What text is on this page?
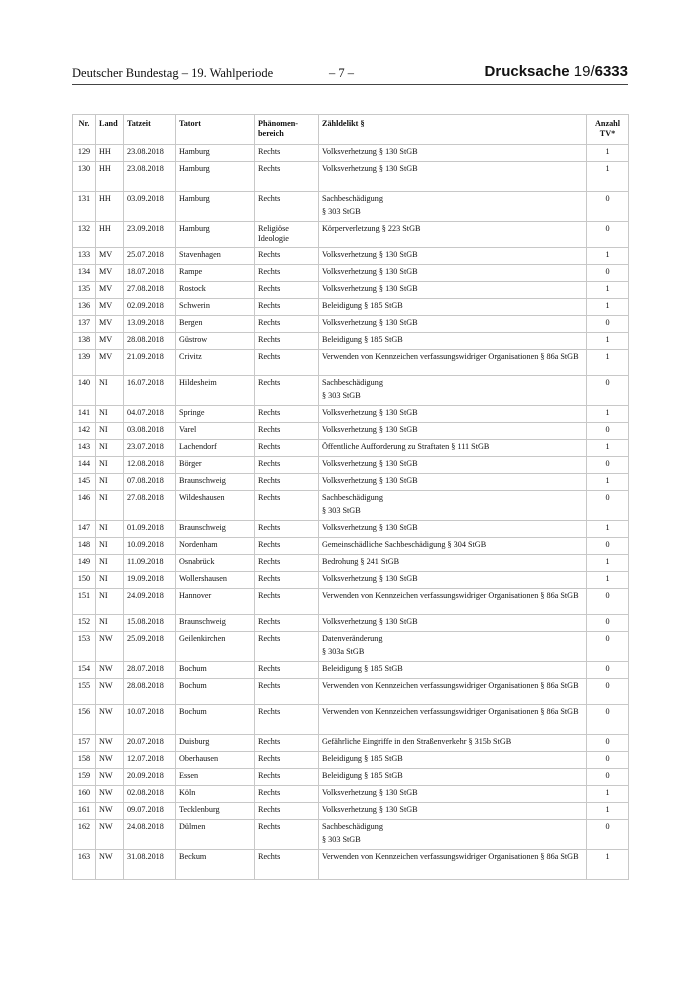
Deutscher Bundestag – 19. Wahlperiode	– 7 –	Drucksache 19/6333
Nr.	Land	Tatzeit	Tatort	Phänomen-bereich	Zähldelikt §	Anzahl TV*
129	HH	23.08.2018	Hamburg	Rechts	Volksverhetzung § 130 StGB	1
130	HH	23.08.2018	Hamburg	Rechts	Volksverhetzung § 130 StGB	1
131	HH	03.09.2018	Hamburg	Rechts	Sachbeschädigung
§ 303 StGB	0
132	HH	23.09.2018	Hamburg	Religiöse Ideologie	Körperverletzung § 223 StGB	0
133	MV	25.07.2018	Stavenhagen	Rechts	Volksverhetzung § 130 StGB	1
134	MV	18.07.2018	Rampe	Rechts	Volksverhetzung § 130 StGB	0
135	MV	27.08.2018	Rostock	Rechts	Volksverhetzung § 130 StGB	1
136	MV	02.09.2018	Schwerin	Rechts	Beleidigung § 185 StGB	1
137	MV	13.09.2018	Bergen	Rechts	Volksverhetzung § 130 StGB	0
138	MV	28.08.2018	Güstrow	Rechts	Beleidigung § 185 StGB	1
139	MV	21.09.2018	Crivitz	Rechts	Verwenden von Kennzeichen verfassungswidriger Organisationen § 86a StGB	1
140	NI	16.07.2018	Hildesheim	Rechts	Sachbeschädigung
§ 303 StGB	0
141	NI	04.07.2018	Springe	Rechts	Volksverhetzung § 130 StGB	1
142	NI	03.08.2018	Varel	Rechts	Volksverhetzung § 130 StGB	0
143	NI	23.07.2018	Lachendorf	Rechts	Öffentliche Aufforderung zu Straftaten § 111 StGB	1
144	NI	12.08.2018	Börger	Rechts	Volksverhetzung § 130 StGB	0
145	NI	07.08.2018	Braunschweig	Rechts	Volksverhetzung § 130 StGB	1
146	NI	27.08.2018	Wildeshausen	Rechts	Sachbeschädigung
§ 303 StGB	0
147	NI	01.09.2018	Braunschweig	Rechts	Volksverhetzung § 130 StGB	1
148	NI	10.09.2018	Nordenham	Rechts	Gemeinschädliche Sachbeschädigung § 304 StGB	0
149	NI	11.09.2018	Osnabrück	Rechts	Bedrohung § 241 StGB	1
150	NI	19.09.2018	Wollershausen	Rechts	Volksverhetzung § 130 StGB	1
151	NI	24.09.2018	Hannover	Rechts	Verwenden von Kennzeichen verfassungswidriger Organisationen § 86a StGB	0
152	NI	15.08.2018	Braunschweig	Rechts	Volksverhetzung § 130 StGB	0
153	NW	25.09.2018	Geilenkirchen	Rechts	Datenveränderung
§ 303a StGB	0
154	NW	28.07.2018	Bochum	Rechts	Beleidigung § 185 StGB	0
155	NW	28.08.2018	Bochum	Rechts	Verwenden von Kennzeichen verfassungswidriger Organisationen § 86a StGB	0
156	NW	10.07.2018	Bochum	Rechts	Verwenden von Kennzeichen verfassungswidriger Organisationen § 86a StGB	0
157	NW	20.07.2018	Duisburg	Rechts	Gefährliche Eingriffe in den Straßenverkehr § 315b StGB	0
158	NW	12.07.2018	Oberhausen	Rechts	Beleidigung § 185 StGB	0
159	NW	20.09.2018	Essen	Rechts	Beleidigung § 185 StGB	0
160	NW	02.08.2018	Köln	Rechts	Volksverhetzung § 130 StGB	1
161	NW	09.07.2018	Tecklenburg	Rechts	Volksverhetzung § 130 StGB	1
162	NW	24.08.2018	Dülmen	Rechts	Sachbeschädigung
§ 303 StGB	0
163	NW	31.08.2018	Beckum	Rechts	Verwenden von Kennzeichen verfassungswidriger Organisationen § 86a StGB	1
